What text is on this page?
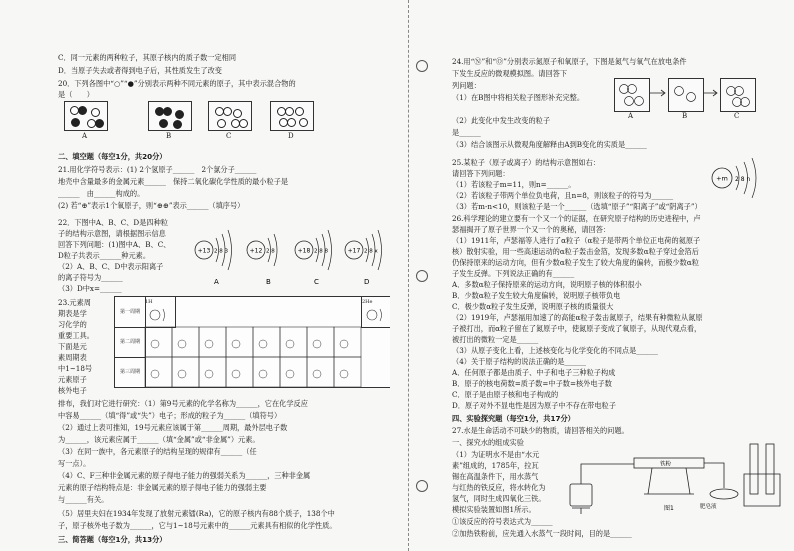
C．同一元素的两种粒子，其原子核内的质子数一定相同
D．当原子失去或者得到电子后，其性质发生了改变
20．下列各图中“○”“●”分别表示两种不同元素的原子，其中表示混合物的
是（　　）
A	B	C	D
二、填空题（每空1分，共20分）
21.用化学符号表示：(1) 2个氢原子______　2个氯分子______
地壳中含量最多的金属元素______　保持二氧化碳化学性质的最小粒子是
______　由______构成的。
(2) 若“⊕”表示1个氧原子，则“⊕⊕”表示______（填序号）
22．下图中A、B、C、D是四种粒
子的结构示意图，请根据图示信息
回答下列问题：(1)图中A、B、C、
D粒子共表示______种元素。
（2）A、B、C、D中表示阳离子
的离子符号为______
（3）D中x=______
+13 2 8 3
A
+12 2 8
B
+18 2 8 8
C
+17 2 8 x
D
23.元素周
期表是学
习化学的
重要工具。
下面是元
素周期表
中1~18号
元素原子
核外电子
第一周期
第二周期
第三周期
1H	2He
排布，我们对它进行研究：（1）第9号元素的化学名称为______，它在化学反应
中容易______（填“得”或“失”）电子；形成的粒子为______（填符号）
（2）通过上表可推知，19号元素应该属于第______周期，最外层电子数
为______，该元素应属于______（填“金属”或“非金属”）元素。
（3）在同一族中，各元素原子的结构呈现的规律有______（任
写一点）。
（4）C、F三种非金属元素的原子得电子能力的强弱关系为______，三种非金属
元素的原子结构特点是：非金属元素的原子得电子能力的强弱主要
与______有关。
（5）居里夫妇在1934年发现了放射元素镭(Ra)，它的原子核内有88个质子，138个中
子，原子核外电子数为______，它与1~18号元素中的______元素具有相似的化学性质。
三、简答题（每空1分，共13分）
24.用“Ⓝ”和“Ⓞ”分别表示氮原子和氧原子，下图是氮气与氧气在放电条件
下发生反应的微观模拟图。请回答下
列问题：
（1）在B图中将相关粒子图形补充完整。
A	B	C
（2）此变化中发生改变的粒子
是______
（3）结合该图示从微观角度解释由A到B变化的实质是______
25.某粒子（原子或离子）的结构示意图如右：
请回答下列问题：
（1）若该粒子m=11，则n=______。
（2）若该粒子带两个单位负电荷，且n=8，则该粒子的符号为______
（3）若m-n<10，则该粒子是一个______（选填“原子”“阳离子”或“阴离子”）
+m 2 8 n
26.科学理论的建立要有一个又一个的证据，在研究原子结构的历史进程中，卢
瑟福揭开了原子世界一个又一个的奥秘，请回答：
（1）1911年，卢瑟福等人进行了α粒子（α粒子是带两个单位正电荷的氦原子
核）散射实验，用一些高速运动的α粒子轰击金箔，发现多数α粒子穿过金箔后
仍保持原来的运动方向，但有少数α粒子发生了较大角度的偏转，而极少数α粒
子发生反弹。下列说法正确的有______
A．多数α粒子保持原来的运动方向，说明原子核的体积很小
B．少数α粒子发生较大角度偏转，说明原子核带负电
C．极少数α粒子发生反弹，说明原子核的质量很大
（2）1919年，卢瑟福用加速了的高能α粒子轰击氮原子，结果有种微粒从氮原
子被打出，而α粒子留在了氮原子中，使氮原子变成了氧原子，从现代观点看，
被打出的微粒一定是______
（3）从原子变化上看，上述核变化与化学变化的不同点是______
（4）关于原子结构的说法正确的是______
A．任何原子都是由质子、中子和电子三种粒子构成
B．原子的核电荷数=质子数=中子数=核外电子数
C．原子是由原子核和电子构成的
D．原子对外不显电性是因为原子中不存在带电粒子
四、实验探究题（每空1分，共17分）
27.水是生命活动不可缺少的物质，请回答相关的问题。
一、探究水的组成实验
（1）为证明水不是由“水元
素”组成的，1785年，拉瓦
锡在高温条件下，用水蒸气
与红热的铁反应，将水转化为
氢气，同时生成四氧化三铁。
模拟实验装置如图1所示。
①该反应的符号表达式为______
②加热铁粉前，应先通入水蒸气一段时间，目的是______
铁粉
肥皂液
图1
